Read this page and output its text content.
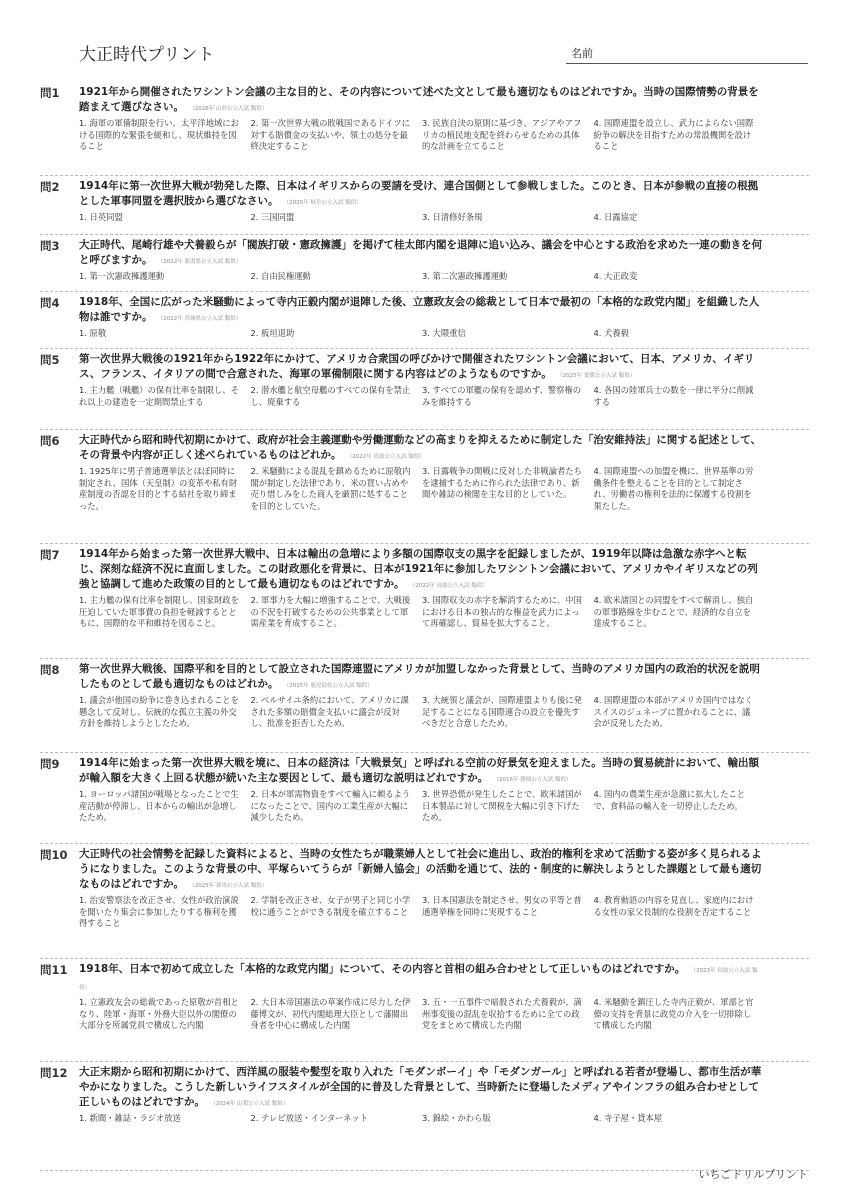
大正時代プリント	名前
問1 1921年から開催されたワシントン会議の主な目的と、その内容について述べた文として最も適切なものはどれですか。当時の国際情勢の背景を踏まえて選びなさい。 （2026年 山形公立入試 類似）
1. 海軍の軍備制限を行い、太平洋地域における国際的な緊張を緩和し、現状維持を図ること
2. 第一次世界大戦の敗戦国であるドイツに対する賠償金の支払いや、領土の処分を最終決定すること
3. 民族自決の原則に基づき、アジアやアフリカの植民地支配を終わらせるための具体的な計画を立てること
4. 国際連盟を設立し、武力によらない国際紛争の解決を目指すための常設機関を設けること
問2 1914年に第一次世界大戦が勃発した際、日本はイギリスからの要請を受け、連合国側として参戦しました。このとき、日本が参戦の直接の根拠とした軍事同盟を選択肢から選びなさい。 （2025年 岐阜公立入試 類似）
1. 日英同盟	2. 三国同盟	3. 日清修好条規	4. 日露協定
問3 大正時代、尾崎行雄や犬養毅らが「閥族打破・憲政擁護」を掲げて桂太郎内閣を退陣に追い込み、議会を中心とする政治を求めた一連の動きを何と呼びますか。 （2022年 新潟県公立入試 類似）
1. 第一次憲政擁護運動	2. 自由民権運動	3. 第二次憲政擁護運動	4. 大正政変
問4 1918年、全国に広がった米騒動によって寺内正毅内閣が退陣した後、立憲政友会の総裁として日本で最初の「本格的な政党内閣」を組織した人物は誰ですか。 （2022年 宮城県公立入試 類似）
1. 原敬	2. 板垣退助	3. 大隈重信	4. 犬養毅
問5 第一次世界大戦後の1921年から1922年にかけて、アメリカ合衆国の呼びかけで開催されたワシントン会議において、日本、アメリカ、イギリス、フランス、イタリアの間で合意された、海軍の軍備制限に関する内容はどのようなものですか。 （2025年 愛媛公立入試 類似）
1. 主力艦（戦艦）の保有比率を制限し、それ以上の建造を一定期間禁止する
2. 潜水艦と航空母艦のすべての保有を禁止し、廃棄する
3. すべての軍艦の保有を認めず、警察権のみを維持する
4. 各国の陸軍兵士の数を一律に半分に削減する
問6 大正時代から昭和時代初期にかけて、政府が社会主義運動や労働運動などの高まりを抑えるために制定した「治安維持法」に関する記述として、その背景や内容が正しく述べられているものはどれか。 （2022年 鳥取公立入試 類似）
1. 1925年に男子普通選挙法とほぼ同時に制定され、国体（天皇制）の変革や私有財産制度の否認を目的とする結社を取り締まった。
2. 米騒動による混乱を鎮めるために原敬内閣が制定した法律であり、米の買い占めや売り惜しみをした商人を厳罰に処することを目的としていた。
3. 日露戦争の開戦に反対した非戦論者たちを逮捕するために作られた法律であり、新聞や雑誌の検閲を主な目的としていた。
4. 国際連盟への加盟を機に、世界基準の労働条件を整えることを目的として制定され、労働者の権利を法的に保護する役割を果たした。
問7 1914年から始まった第一次世界大戦中、日本は輸出の急増により多額の国際収支の黒字を記録しましたが、1919年以降は急激な赤字へと転じ、深刻な経済不況に直面しました。この財政悪化を背景に、日本が1921年に参加したワシントン会議において、アメリカやイギリスなどの列強と協調して進めた政策の目的として最も適切なものはどれですか。 （2022年 鳥取公立入試 類似）
1. 主力艦の保有比率を制限し、国家財政を圧迫していた軍事費の負担を軽減するとともに、国際的な平和維持を図ること。
2. 軍事力を大幅に増強することで、大戦後の不況を打破するための公共事業として軍需産業を育成すること。
3. 国際収支の赤字を解消するために、中国における日本の独占的な権益を武力によって再確認し、貿易を拡大すること。
4. 欧米諸国との同盟をすべて解消し、独自の軍事路線を歩むことで、経済的な自立を達成すること。
問8 第一次世界大戦後、国際平和を目的として設立された国際連盟にアメリカが加盟しなかった背景として、当時のアメリカ国内の政治的状況を説明したものとして最も適切なものはどれか。 （2015年 鹿児島県公立入試 類似）
1. 議会が他国の紛争に巻き込まれることを懸念して反対し、伝統的な孤立主義の外交方針を維持しようとしたため。
2. ベルサイユ条約において、アメリカに課された多額の賠償金支払いに議会が反対し、批准を拒否したため。
3. 大統領と議会が、国際連盟よりも後に発足することになる国際連合の設立を優先すべきだと合意したため。
4. 国際連盟の本部がアメリカ国内ではなくスイスのジュネーブに置かれることに、議会が反発したため。
問9 1914年に始まった第一次世界大戦を境に、日本の経済は「大戦景気」と呼ばれる空前の好景気を迎えました。当時の貿易統計において、輸出額が輸入額を大きく上回る状態が続いた主な要因として、最も適切な説明はどれですか。 （2016年 静岡公立入試 類似）
1. ヨーロッパ諸国が戦場となったことで生産活動が停滞し、日本からの輸出が急増したため。
2. 日本が軍需物資をすべて輸入に頼るようになったことで、国内の工業生産が大幅に減少したため。
3. 世界恐慌が発生したことで、欧米諸国が日本製品に対して関税を大幅に引き下げたため。
4. 国内の農業生産が急激に拡大したことで、食料品の輸入を一切停止したため。
問10 大正時代の社会情勢を記録した資料によると、当時の女性たちが職業婦人として社会に進出し、政治的権利を求めて活動する姿が多く見られるようになりました。このような背景の中、平塚らいてうらが「新婦人協会」の活動を通じて、法的・制度的に解決しようとした課題として最も適切なものはどれですか。 （2025年 群馬公立入試 類似）
1. 治安警察法を改正させ、女性が政治演説を聞いたり集会に参加したりする権利を獲得すること
2. 学制を改正させ、女子が男子と同じ小学校に通うことができる制度を確立すること
3. 日本国憲法を制定させ、男女の平等と普通選挙権を同時に実現すること
4. 教育勅語の内容を見直し、家庭内における女性の家父長制的な役割を否定すること
問11 1918年、日本で初めて成立した「本格的な政党内閣」について、その内容と首相の組み合わせとして正しいものはどれですか。 （2023年 鳥取公立入試 類似）
1. 立憲政友会の総裁であった原敬が首相となり、陸軍・海軍・外務大臣以外の閣僚の大部分を所属党員で構成した内閣
2. 大日本帝国憲法の草案作成に尽力した伊藤博文が、初代内閣総理大臣として藩閥出身者を中心に構成した内閣
3. 五・一五事件で暗殺された犬養毅が、満州事変後の混乱を収拾するために全ての政党をまとめて構成した内閣
4. 米騒動を鎮圧した寺内正毅が、軍部と官僚の支持を背景に政党の介入を一切排除して構成した内閣
問12 大正末期から昭和初期にかけて、西洋風の服装や髪型を取り入れた「モダンボーイ」や「モダンガール」と呼ばれる若者が登場し、都市生活が華やかになりました。こうした新しいライフスタイルが全国的に普及した背景として、当時新たに登場したメディアやインフラの組み合わせとして正しいものはどれですか。 （2024年 山梨公立入試 類似）
1. 新聞・雑誌・ラジオ放送	2. テレビ放送・インターネット	3. 錦絵・かわら版	4. 寺子屋・貸本屋
いちごドリルプリント
